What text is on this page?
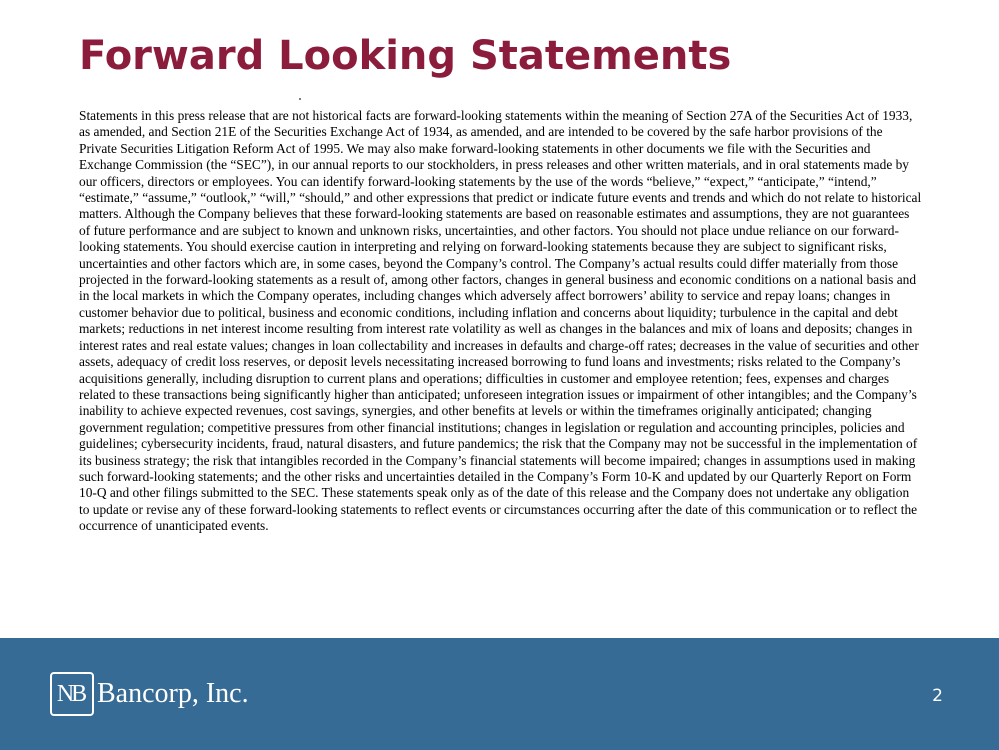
Forward Looking Statements

Statements in this press release that are not historical facts are forward-looking statements within the meaning of Section 27A of the Securities Act of 1933, as amended, and Section 21E of the Securities Exchange Act of 1934, as amended, and are intended to be covered by the safe harbor provisions of the Private Securities Litigation Reform Act of 1995. We may also make forward-looking statements in other documents we file with the Securities and Exchange Commission (the “SEC”), in our annual reports to our stockholders, in press releases and other written materials, and in oral statements made by our officers, directors or employees. You can identify forward-looking statements by the use of the words “believe,” “expect,” “anticipate,” “intend,” “estimate,” “assume,” “outlook,” “will,” “should,” and other expressions that predict or indicate future events and trends and which do not relate to historical matters. Although the Company believes that these forward-looking statements are based on reasonable estimates and assumptions, they are not guarantees of future performance and are subject to known and unknown risks, uncertainties, and other factors. You should not place undue reliance on our forward-looking statements. You should exercise caution in interpreting and relying on forward-looking statements because they are subject to significant risks, uncertainties and other factors which are, in some cases, beyond the Company’s control. The Company’s actual results could differ materially from those projected in the forward-looking statements as a result of, among other factors, changes in general business and economic conditions on a national basis and in the local markets in which the Company operates, including changes which adversely affect borrowers’ ability to service and repay loans; changes in customer behavior due to political, business and economic conditions, including inflation and concerns about liquidity; turbulence in the capital and debt markets; reductions in net interest income resulting from interest rate volatility as well as changes in the balances and mix of loans and deposits; changes in interest rates and real estate values; changes in loan collectability and increases in defaults and charge-off rates; decreases in the value of securities and other assets, adequacy of credit loss reserves, or deposit levels necessitating increased borrowing to fund loans and investments; risks related to the Company’s acquisitions generally, including disruption to current plans and operations; difficulties in customer and employee retention; fees, expenses and charges related to these transactions being significantly higher than anticipated; unforeseen integration issues or impairment of other intangibles; and the Company’s inability to achieve expected revenues, cost savings, synergies, and other benefits at levels or within the timeframes originally anticipated; changing government regulation; competitive pressures from other financial institutions; changes in legislation or regulation and accounting principles, policies and guidelines; cybersecurity incidents, fraud, natural disasters, and future pandemics; the risk that the Company may not be successful in the implementation of its business strategy; the risk that intangibles recorded in the Company’s financial statements will become impaired; changes in assumptions used in making such forward-looking statements; and the other risks and uncertainties detailed in the Company’s Form 10-K and updated by our Quarterly Report on Form 10-Q and other filings submitted to the SEC. These statements speak only as of the date of this release and the Company does not undertake any obligation to update or revise any of these forward-looking statements to reflect events or circumstances occurring after the date of this communication or to reflect the occurrence of unanticipated events.

NB Bancorp, Inc.	2
